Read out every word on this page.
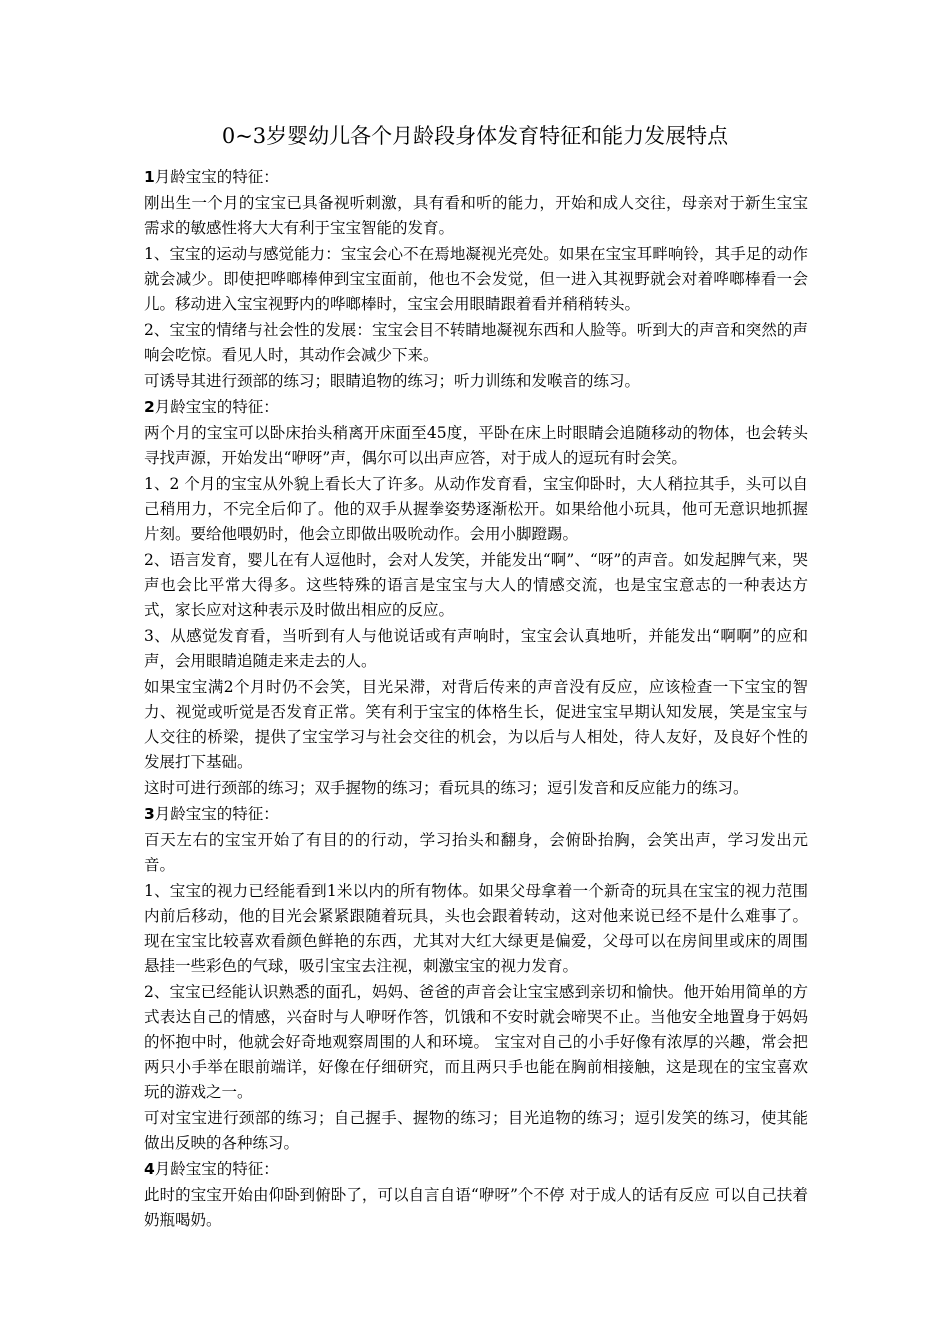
0~3岁婴幼儿各个月龄段身体发育特征和能力发展特点

1月龄宝宝的特征：

刚出生一个月的宝宝已具备视听刺激，具有看和听的能力，开始和成人交往，母亲对于新生宝宝需求的敏感性将大大有利于宝宝智能的发育。

1、宝宝的运动与感觉能力：宝宝会心不在焉地凝视光亮处。如果在宝宝耳畔响铃，其手足的动作就会减少。即使把哗啷棒伸到宝宝面前，他也不会发觉，但一进入其视野就会对着哗啷棒看一会儿。移动进入宝宝视野内的哗啷棒时，宝宝会用眼睛跟着看并稍稍转头。

2、宝宝的情绪与社会性的发展：宝宝会目不转睛地凝视东西和人脸等。听到大的声音和突然的声响会吃惊。看见人时，其动作会减少下来。

可诱导其进行颈部的练习；眼睛追物的练习；听力训练和发喉音的练习。

2月龄宝宝的特征：

两个月的宝宝可以卧床抬头稍离开床面至45度，平卧在床上时眼睛会追随移动的物体，也会转头寻找声源，开始发出“咿呀”声，偶尔可以出声应答，对于成人的逗玩有时会笑。

1、2 个月的宝宝从外貌上看长大了许多。从动作发育看，宝宝仰卧时，大人稍拉其手，头可以自己稍用力，不完全后仰了。他的双手从握拳姿势逐渐松开。如果给他小玩具，他可无意识地抓握片刻。要给他喂奶时，他会立即做出吸吮动作。会用小脚蹬踢。

2、语言发育，婴儿在有人逗他时，会对人发笑，并能发出“啊”、“呀”的声音。如发起脾气来，哭声也会比平常大得多。这些特殊的语言是宝宝与大人的情感交流，也是宝宝意志的一种表达方式，家长应对这种表示及时做出相应的反应。

3、从感觉发育看，当听到有人与他说话或有声响时，宝宝会认真地听，并能发出“啊啊”的应和声，会用眼睛追随走来走去的人。

如果宝宝满2个月时仍不会笑，目光呆滞，对背后传来的声音没有反应，应该检查一下宝宝的智力、视觉或听觉是否发育正常。笑有利于宝宝的体格生长，促进宝宝早期认知发展，笑是宝宝与人交往的桥梁，提供了宝宝学习与社会交往的机会，为以后与人相处，待人友好，及良好个性的发展打下基础。

这时可进行颈部的练习；双手握物的练习；看玩具的练习；逗引发音和反应能力的练习。

3月龄宝宝的特征：

百天左右的宝宝开始了有目的的行动，学习抬头和翻身，会俯卧抬胸，会笑出声，学习发出元音。

1、宝宝的视力已经能看到1米以内的所有物体。如果父母拿着一个新奇的玩具在宝宝的视力范围内前后移动，他的目光会紧紧跟随着玩具，头也会跟着转动，这对他来说已经不是什么难事了。现在宝宝比较喜欢看颜色鲜艳的东西，尤其对大红大绿更是偏爱，父母可以在房间里或床的周围悬挂一些彩色的气球，吸引宝宝去注视，刺激宝宝的视力发育。

2、宝宝已经能认识熟悉的面孔，妈妈、爸爸的声音会让宝宝感到亲切和愉快。他开始用简单的方式表达自己的情感，兴奋时与人咿呀作答，饥饿和不安时就会啼哭不止。当他安全地置身于妈妈的怀抱中时，他就会好奇地观察周围的人和环境。 宝宝对自己的小手好像有浓厚的兴趣，常会把两只小手举在眼前端详，好像在仔细研究，而且两只手也能在胸前相接触，这是现在的宝宝喜欢玩的游戏之一。

可对宝宝进行颈部的练习；自己握手、握物的练习；目光追物的练习；逗引发笑的练习，使其能做出反映的各种练习。

4月龄宝宝的特征：

此时的宝宝开始由仰卧到俯卧了，可以自言自语“咿呀”个不停 对于成人的话有反应 可以自己扶着奶瓶喝奶。
